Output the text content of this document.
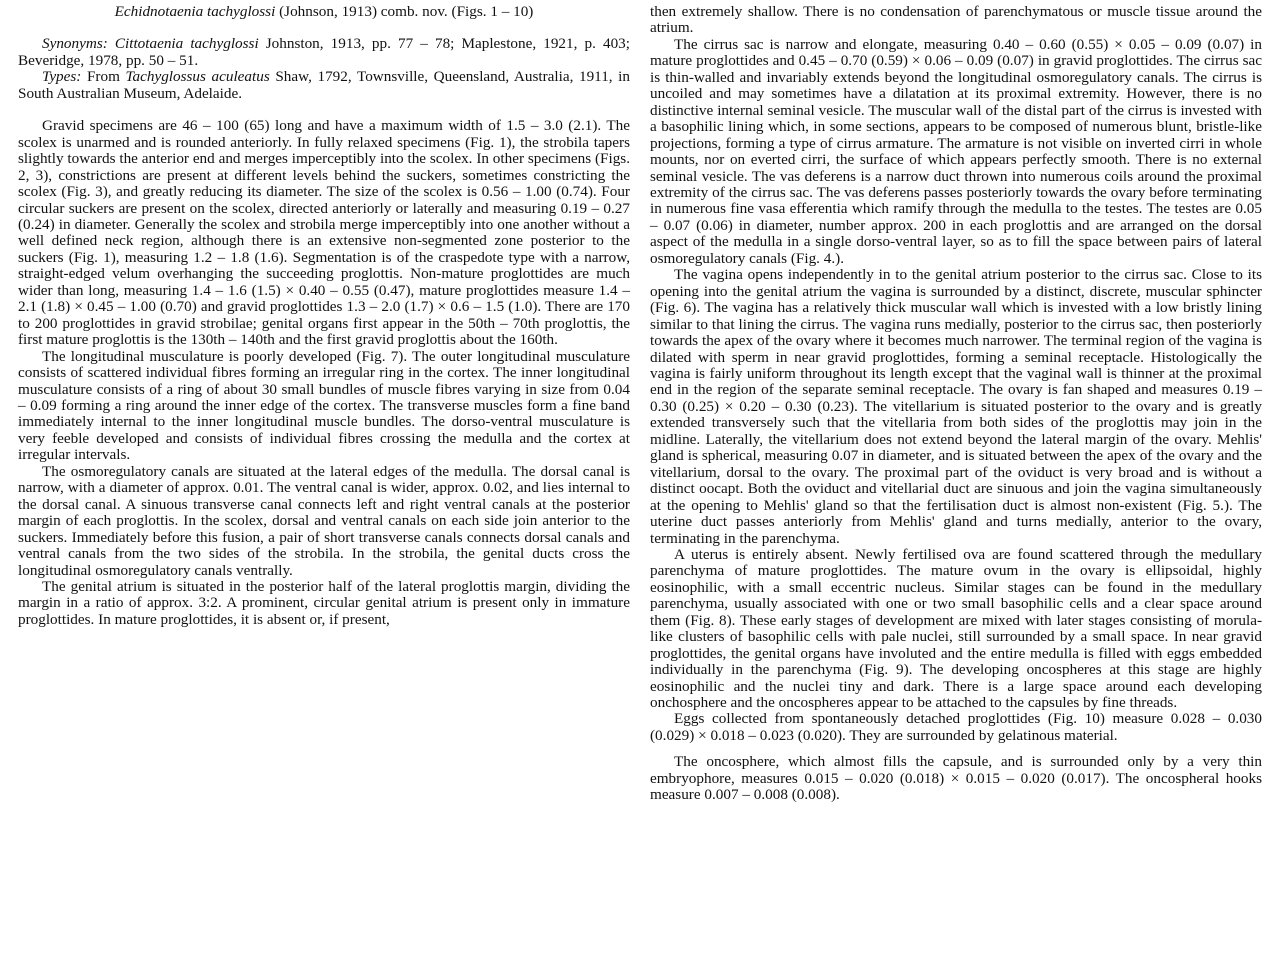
Echidnotaenia tachyglossi (Johnson, 1913) comb. nov. (Figs. 1 – 10)

Synonyms: Cittotaenia tachyglossi Johnston, 1913, pp. 77 – 78; Maplestone, 1921, p. 403; Beveridge, 1978, pp. 50 – 51.

Types: From Tachyglossus aculeatus Shaw, 1792, Townsville, Queensland, Australia, 1911, in South Australian Museum, Adelaide.

Gravid specimens are 46 – 100 (65) long and have a maximum width of 1.5 – 3.0 (2.1). The scolex is unarmed and is rounded anteriorly. In fully relaxed specimens (Fig. 1), the strobila tapers slightly towards the anterior end and merges imperceptibly into the scolex. In other specimens (Figs. 2, 3), constrictions are present at different levels behind the suckers, sometimes constricting the scolex (Fig. 3), and greatly reducing its diameter. The size of the scolex is 0.56 – 1.00 (0.74). Four circular suckers are present on the scolex, directed anteriorly or laterally and measuring 0.19 – 0.27 (0.24) in diameter. Generally the scolex and strobila merge imperceptibly into one another without a well defined neck region, although there is an extensive non-segmented zone posterior to the suckers (Fig. 1), measuring 1.2 – 1.8 (1.6). Segmentation is of the craspedote type with a narrow, straight-edged velum overhanging the succeeding proglottis. Non-mature proglottides are much wider than long, measuring 1.4 – 1.6 (1.5) × 0.40 – 0.55 (0.47), mature proglottides measure 1.4 – 2.1 (1.8) × 0.45 – 1.00 (0.70) and gravid proglottides 1.3 – 2.0 (1.7) × 0.6 – 1.5 (1.0). There are 170 to 200 proglottides in gravid strobilae; genital organs first appear in the 50th – 70th proglottis, the first mature proglottis is the 130th – 140th and the first gravid proglottis about the 160th.

The longitudinal musculature is poorly developed (Fig. 7). The outer longitudinal musculature consists of scattered individual fibres forming an irregular ring in the cortex. The inner longitudinal musculature consists of a ring of about 30 small bundles of muscle fibres varying in size from 0.04 – 0.09 forming a ring around the inner edge of the cortex. The transverse muscles form a fine band immediately internal to the inner longitudinal muscle bundles. The dorso-ventral musculature is very feeble developed and consists of individual fibres crossing the medulla and the cortex at irregular intervals.

The osmoregulatory canals are situated at the lateral edges of the medulla. The dorsal canal is narrow, with a diameter of approx. 0.01. The ventral canal is wider, approx. 0.02, and lies internal to the dorsal canal. A sinuous transverse canal connects left and right ventral canals at the posterior margin of each proglottis. In the scolex, dorsal and ventral canals on each side join anterior to the suckers. Immediately before this fusion, a pair of short transverse canals connects dorsal canals and ventral canals from the two sides of the strobila. In the strobila, the genital ducts cross the longitudinal osmoregulatory canals ventrally.

The genital atrium is situated in the posterior half of the lateral proglottis margin, dividing the margin in a ratio of approx. 3:2. A prominent, circular genital atrium is present only in immature proglottides. In mature proglottides, it is absent or, if present,

then extremely shallow. There is no condensation of parenchymatous or muscle tissue around the atrium.

The cirrus sac is narrow and elongate, measuring 0.40 – 0.60 (0.55) × 0.05 – 0.09 (0.07) in mature proglottides and 0.45 – 0.70 (0.59) × 0.06 – 0.09 (0.07) in gravid proglottides. The cirrus sac is thin-walled and invariably extends beyond the longitudinal osmoregulatory canals. The cirrus is uncoiled and may sometimes have a dilatation at its proximal extremity. However, there is no distinctive internal seminal vesicle. The muscular wall of the distal part of the cirrus is invested with a basophilic lining which, in some sections, appears to be composed of numerous blunt, bristle-like projections, forming a type of cirrus armature. The armature is not visible on inverted cirri in whole mounts, nor on everted cirri, the surface of which appears perfectly smooth. There is no external seminal vesicle. The vas deferens is a narrow duct thrown into numerous coils around the proximal extremity of the cirrus sac. The vas deferens passes posteriorly towards the ovary before terminating in numerous fine vasa efferentia which ramify through the medulla to the testes. The testes are 0.05 – 0.07 (0.06) in diameter, number approx. 200 in each proglottis and are arranged on the dorsal aspect of the medulla in a single dorso-ventral layer, so as to fill the space between pairs of lateral osmoregulatory canals (Fig. 4.).

The vagina opens independently in to the genital atrium posterior to the cirrus sac. Close to its opening into the genital atrium the vagina is surrounded by a distinct, discrete, muscular sphincter (Fig. 6). The vagina has a relatively thick muscular wall which is invested with a low bristly lining similar to that lining the cirrus. The vagina runs medially, posterior to the cirrus sac, then posteriorly towards the apex of the ovary where it becomes much narrower. The terminal region of the vagina is dilated with sperm in near gravid proglottides, forming a seminal receptacle. Histologically the vagina is fairly uniform throughout its length except that the vaginal wall is thinner at the proximal end in the region of the separate seminal receptacle. The ovary is fan shaped and measures 0.19 – 0.30 (0.25) × 0.20 – 0.30 (0.23). The vitellarium is situated posterior to the ovary and is greatly extended transversely such that the vitellaria from both sides of the proglottis may join in the midline. Laterally, the vitellarium does not extend beyond the lateral margin of the ovary. Mehlis' gland is spherical, measuring 0.07 in diameter, and is situated between the apex of the ovary and the vitellarium, dorsal to the ovary. The proximal part of the oviduct is very broad and is without a distinct oocapt. Both the oviduct and vitellarial duct are sinuous and join the vagina simultaneously at the opening to Mehlis' gland so that the fertilisation duct is almost non-existent (Fig. 5.). The uterine duct passes anteriorly from Mehlis' gland and turns medially, anterior to the ovary, terminating in the parenchyma.

A uterus is entirely absent. Newly fertilised ova are found scattered through the medullary parenchyma of mature proglottides. The mature ovum in the ovary is ellipsoidal, highly eosinophilic, with a small eccentric nucleus. Similar stages can be found in the medullary parenchyma, usually associated with one or two small basophilic cells and a clear space around them (Fig. 8). These early stages of development are mixed with later stages consisting of morula-like clusters of basophilic cells with pale nuclei, still surrounded by a small space. In near gravid proglottides, the genital organs have involuted and the entire medulla is filled with eggs embedded individually in the parenchyma (Fig. 9). The developing oncospheres at this stage are highly eosinophilic and the nuclei tiny and dark. There is a large space around each developing onchosphere and the oncospheres appear to be attached to the capsules by fine threads.

Eggs collected from spontaneously detached proglottides (Fig. 10) measure 0.028 – 0.030 (0.029) × 0.018 – 0.023 (0.020). They are surrounded by gelatinous material.

The oncosphere, which almost fills the capsule, and is surrounded only by a very thin embryophore, measures 0.015 – 0.020 (0.018) × 0.015 – 0.020 (0.017). The oncospheral hooks measure 0.007 – 0.008 (0.008).
